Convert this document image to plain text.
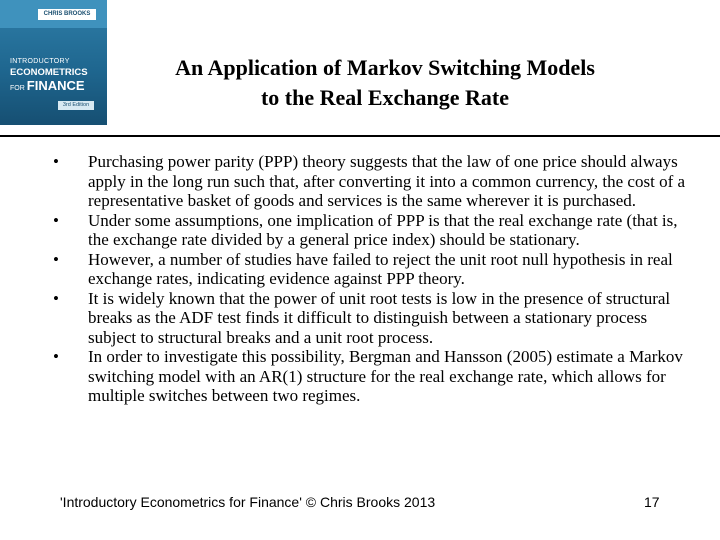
CHRIS BROOKS
INTRODUCTORY
ECONOMETRICS
FOR FINANCE
3rd Edition
An Application of Markov Switching Models
to the Real Exchange Rate
• Purchasing power parity (PPP) theory suggests that the law of one price should always apply in the long run such that, after converting it into a common currency, the cost of a representative basket of goods and services is the same wherever it is purchased.
• Under some assumptions, one implication of PPP is that the real exchange rate (that is, the exchange rate divided by a general price index) should be stationary.
• However, a number of studies have failed to reject the unit root null hypothesis in real exchange rates, indicating evidence against PPP theory.
• It is widely known that the power of unit root tests is low in the presence of structural breaks as the ADF test finds it difficult to distinguish between a stationary process subject to structural breaks and a unit root process.
• In order to investigate this possibility, Bergman and Hansson (2005) estimate a Markov switching model with an AR(1) structure for the real exchange rate, which allows for multiple switches between two regimes.
'Introductory Econometrics for Finance' © Chris Brooks 2013	17
